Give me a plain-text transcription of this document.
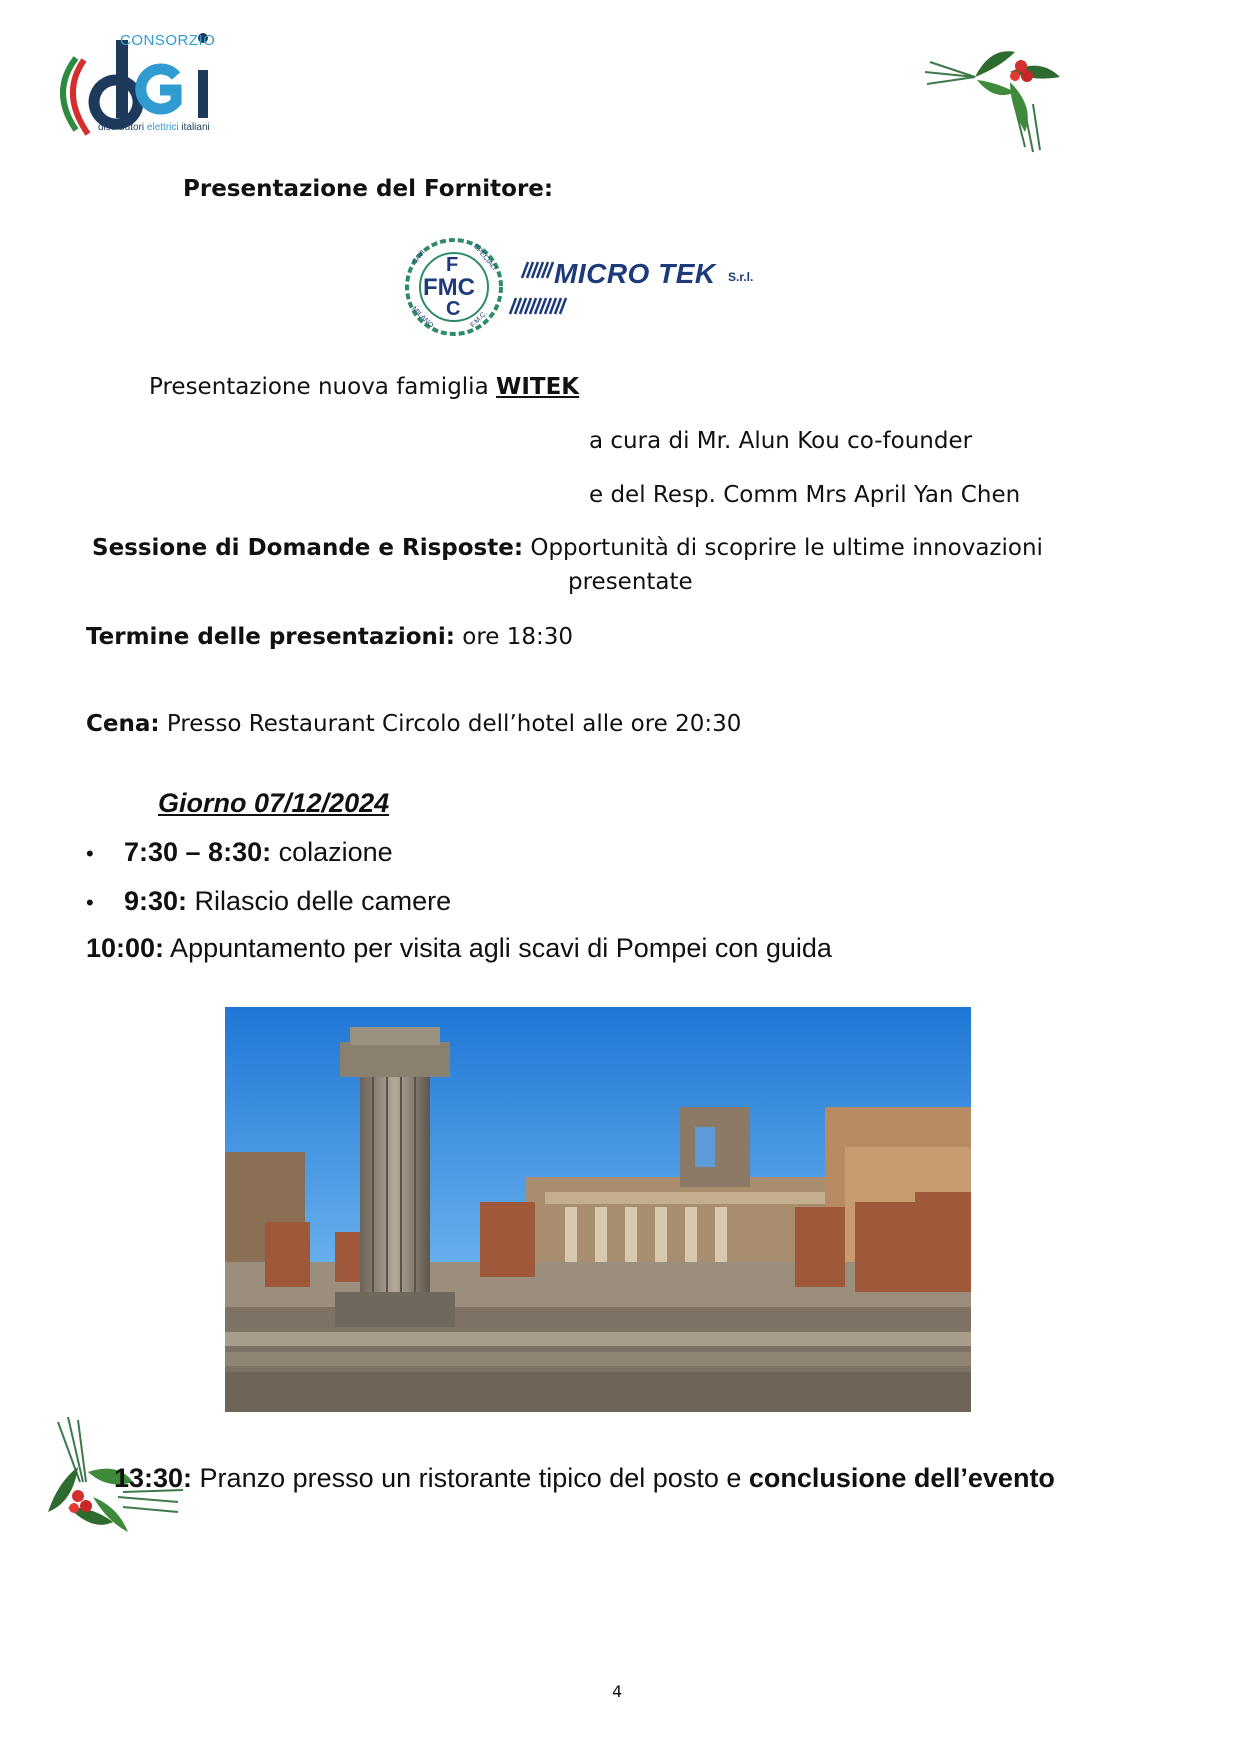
CONSORZIO
distributori elettrici italiani
Presentazione del Fornitore:
F
FMC
C
CAVI	SPECIALI
MILANO	F.M.C.
MICRO TEK S.r.l.
Presentazione nuova famiglia WITEK
a cura di Mr. Alun Kou co-founder
e del Resp. Comm Mrs April Yan Chen
Sessione di Domande e Risposte: Opportunità di scoprire le ultime innovazioni
presentate
Termine delle presentazioni: ore 18:30
Cena: Presso Restaurant Circolo dell’hotel alle ore 20:30
Giorno 07/12/2024
• 7:30 – 8:30: colazione
• 9:30: Rilascio delle camere
10:00: Appuntamento per visita agli scavi di Pompei con guida
13:30: Pranzo presso un ristorante tipico del posto e conclusione dell’evento
4
